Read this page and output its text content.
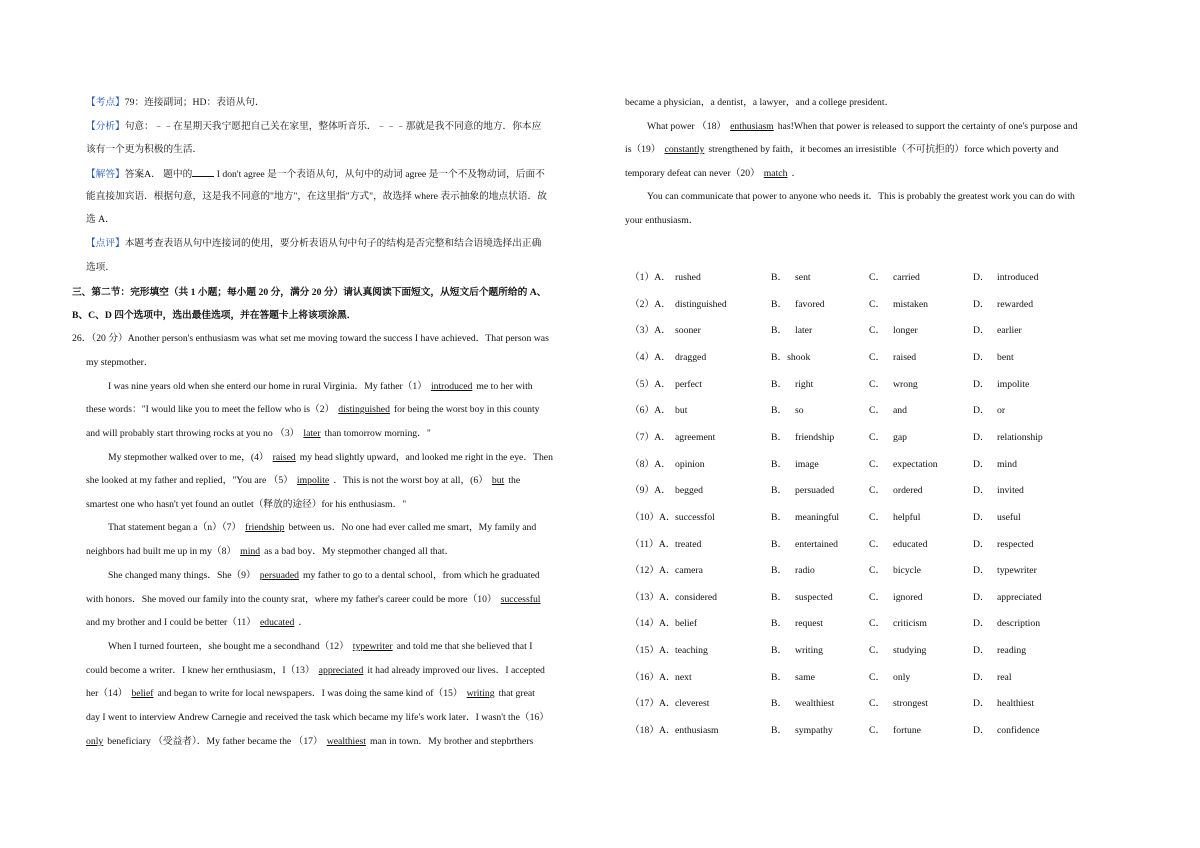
【考点】79：连接副词；HD：表语从句．
【分析】句意：﹣﹣在星期天我宁愿把自己关在家里，整体听音乐．﹣﹣﹣那就是我不同意的地方．你本应
该有一个更为积极的生活．
【解答】答案A． 题中的 I don't agree 是一个表语从句，从句中的动词 agree 是一个不及物动词，后面不
能直接加宾语．根据句意，这是我不同意的"地方"，在这里指"方式"，故选择 where 表示抽象的地点状语．故
选 A．
【点评】本题考查表语从句中连接词的使用，要分析表语从句中句子的结构是否完整和结合语境选择出正确
选项．
三、第二节：完形填空（共 1 小题；每小题 20 分，满分 20 分）请认真阅读下面短文，从短文后个题所给的 A、
B、C、D 四个选项中，选出最佳选项，并在答题卡上将该项涂黑．
26．（20 分）Another person's enthusiasm was what set me moving toward the success I have achieved．That person was
my stepmother．
I was nine years old when she enterd our home in rural Virginia．My father（1） introduced me to her with
these words："I would like you to meet the fellow who is（2） distinguished for being the worst boy in this county
and will probably start throwing rocks at you no （3） later than tomorrow morning．"
My stepmother walked over to me，(4） raised my head slightly upward，and looked me right in the eye．Then
she looked at my father and replied，"You are （5） impolite ．This is not the worst boy at all，(6） but the
smartest one who hasn't yet found an outlet（释放的途径）for his enthusiasm．"
That statement began a（n）（7） friendship between us．No one had ever called me smart，My family and
neighbors had built me up in my（8） mind as a bad boy．My stepmother changed all that．
She changed many things．She（9） persuaded my father to go to a dental school，from which he graduated
with honors．She moved our family into the county srat，where my father's career could be more（10） successful
and my brother and I could be better（11） educated ．
When I turned fourteen，she bought me a secondhand（12） typewriter and told me that she believed that I
could become a writer．I knew her ernthusiasm，I（13） appreciated it had already improved our lives．I accepted
her（14） belief and began to write for local newspapers．I was doing the same kind of（15） writing that great
day I went to interview Andrew Carnegie and received the task which became my life's work later．I wasn't the（16）
only beneficiary （受益者）．My father became the （17） wealthiest man in town．My brother and stepbrthers
became a physician，a dentist，a lawyer，and a college president．
What power （18） enthusiasm has!When that power is released to support the certainty of one's purpose and
is（19） constantly strengthened by faith，it becomes an irresistible（不可抗拒的）force which poverty and
temporary defeat can never（20） match ．
You can communicate that power to anyone who needs it．This is probably the greatest work you can do with
your enthusiasm．
（1）A． rushed	B． sent	C． carried	D． introduced
（2）A． distinguished	B． favored	C． mistaken	D． rewarded
（3）A． sooner	B． later	C． longer	D． earlier
（4）A． dragged	B．shook	C． raised	D． bent
（5）A． perfect	B． right	C． wrong	D． impolite
（6）A． but	B． so	C． and	D． or
（7）A． agreement	B． friendship	C． gap	D． relationship
（8）A． opinion	B． image	C． expectation	D． mind
（9）A． begged	B． persuaded	C． ordered	D． invited
（10）A． successfol	B． meaningful	C． helpful	D． useful
（11）A． treated	B． entertained	C． educated	D． respected
（12）A． camera	B． radio	C． bicycle	D． typewriter
（13）A． considered	B． suspected	C． ignored	D． appreciated
（14）A． belief	B． request	C． criticism	D． description
（15）A． teaching	B． writing	C． studying	D． reading
（16）A． next	B． same	C． only	D． real
（17）A． cleverest	B． wealthiest	C． strongest	D． healthiest
（18）A． enthusiasm	B． sympathy	C． fortune	D． confidence
